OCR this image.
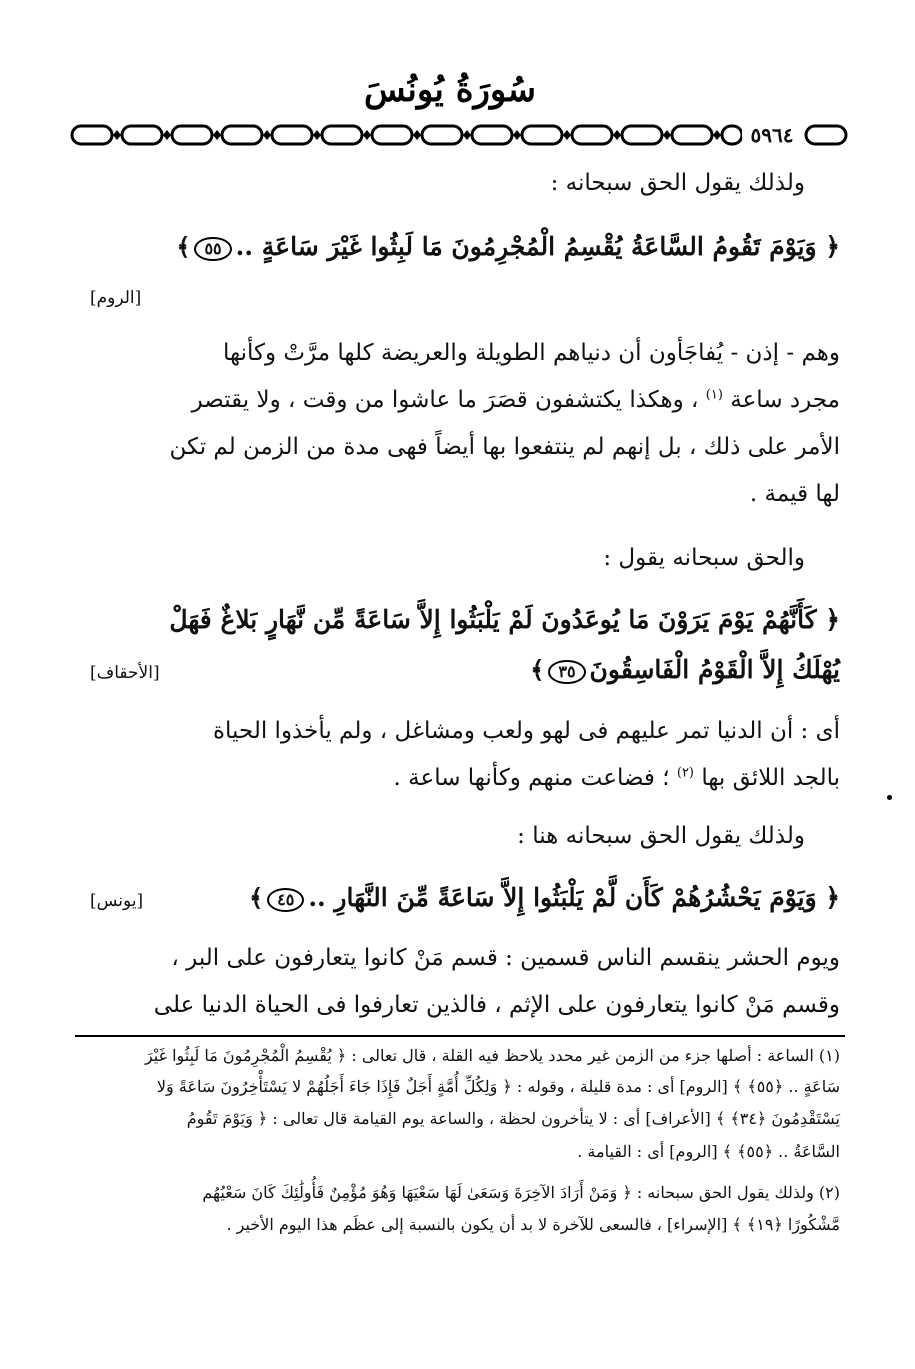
سُورَةُ يُونُسَ
٥٩٦٤
ولذلك يقول الحق سبحانه :
﴿ وَيَوْمَ تَقُومُ السَّاعَةُ يُقْسِمُ الْمُجْرِمُونَ مَا لَبِثُوا غَيْرَ سَاعَةٍ ..٥٥﴾
[الروم]
وهم - إذن - يُفاجَأون أن دنياهم الطويلة والعريضة كلها مرَّتْ وكأنها
مجرد ساعة $^{(١)}$ ، وهكذا يكتشفون قصَرَ ما عاشوا من وقت ، ولا يقتصر
الأمر على ذلك ، بل إنهم لم ينتفعوا بها أيضاً فهى مدة من الزمن لم تكن
لها قيمة .
والحق سبحانه يقول :
﴿ كَأَنَّهُمْ يَوْمَ يَرَوْنَ مَا يُوعَدُونَ لَمْ يَلْبَثُوا إِلاَّ سَاعَةً مِّن نَّهَارٍ بَلاغٌ فَهَلْ
يُهْلَكُ إِلاَّ الْقَوْمُ الْفَاسِقُونَ٣٥﴾
[الأحقاف]
أى : أن الدنيا تمر عليهم فى لهو ولعب ومشاغل ، ولم يأخذوا الحياة
بالجد اللائق بها $^{(٢)}$ ؛ فضاعت منهم وكأنها ساعة .
ولذلك يقول الحق سبحانه هنا :
﴿ وَيَوْمَ يَحْشُرُهُمْ كَأَن لَّمْ يَلْبَثُوا إِلاَّ سَاعَةً مِّنَ النَّهَارِ ..٤٥﴾
[يونس]
ويوم الحشر ينقسم الناس قسمين : قسم مَنْ كانوا يتعارفون على البر ،
وقسم مَنْ كانوا يتعارفون على الإثم ، فالذين تعارفوا فى الحياة الدنيا على
(١) الساعة : أصلها جزء من الزمن غير محدد يلاحظ فيه القلة ، قال تعالى : ﴿ يُقْسِمُ الْمُجْرِمُونَ مَا لَبِثُوا غَيْرَ
سَاعَةٍ .. ﴿٥٥﴾ ﴾ [الروم] أى : مدة قليلة ، وقوله : ﴿ وَلِكُلِّ أُمَّةٍ أَجَلٌ فَإِذَا جَاءَ أَجَلُهُمْ لا يَسْتَأْخِرُونَ سَاعَةً وَلا
يَسْتَقْدِمُونَ ﴿٣٤﴾ ﴾ [الأعراف] أى : لا يتأخرون لحظة ، والساعة يوم القيامة قال تعالى : ﴿ وَيَوْمَ تَقُومُ
السَّاعَةُ .. ﴿٥٥﴾ ﴾ [الروم] أى : القيامة .
(٢) ولذلك يقول الحق سبحانه : ﴿ وَمَنْ أَرَادَ الآخِرَةَ وَسَعَىٰ لَهَا سَعْيَهَا وَهُوَ مُؤْمِنٌ فَأُولَٰئِكَ كَانَ سَعْيُهُم
مَّشْكُورًا ﴿١٩﴾ ﴾ [الإسراء] ، فالسعى للآخرة لا بد أن يكون بالنسبة إلى عظَم هذا اليوم الأخير .
